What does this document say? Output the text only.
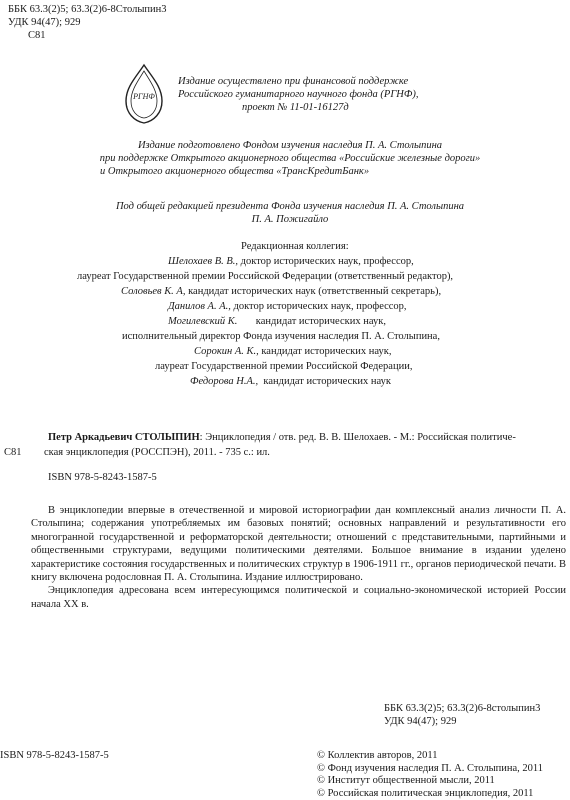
ББК 63.3(2)5; 63.3(2)6-8Столыпин3
УДК 94(47); 929
С81
РГНФ
Издание осуществлено при финансовой поддержке
Российского гуманитарного научного фонда (РГНФ),
проект № 11-01-16127д
Издание подготовлено Фондом изучения наследия П. А. Столыпина
при поддержке Открытого акционерного общества «Российские железные дороги»
и Открытого акционерного общества «ТрансКредитБанк»
Под общей редакцией президента Фонда изучения наследия П. А. Столыпина
П. А. Пожигайло
Редакционная коллегия:
Шелохаев В. В., доктор исторических наук, профессор,
лауреат Государственной премии Российской Федерации (ответственный редактор),
Соловьев К. А, кандидат исторических наук (ответственный секретарь),
Данилов А. А., доктор исторических наук, профессор,
Могилевский К.       кандидат исторических наук,
исполнительный директор Фонда изучения наследия П. А. Столыпина,
Сорокин А. К., кандидат исторических наук,
лауреат Государственной премии Российской Федерации,
Федорова Н.А.,  кандидат исторических наук
Петр Аркадьевич СТОЛЫПИН: Энциклопедия / отв. ред. В. В. Шелохаев. - М.: Российская политиче-
С81 ская энциклопедия (РОССПЭН), 2011. - 735 с.: ил.
ISBN 978-5-8243-1587-5
В энциклопедии впервые в отечественной и мировой историографии дан комплексный анализ личности П. А. Столыпина; содержания употребляемых им базовых понятий; основных направлений и результативности его многогранной государственной и реформаторской деятельности; отношений с представительными, партийными и общественными структурами, ведущими политическими деятелями. Большое внимание в издании уделено характеристике состояния государственных и политических структур в 1906-1911 гг., органов периодической печати. В книгу включена родословная П. А. Столыпина. Издание иллюстрировано.
Энциклопедия адресована всем интересующимся политической и социально-экономической историей России начала XX в.
ББК 63.3(2)5; 63.3(2)6-8столыпин3
УДК 94(47); 929
ISBN 978-5-8243-1587-5	© Коллектив авторов, 2011
© Фонд изучения наследия П. А. Столыпина, 2011
© Институт общественной мысли, 2011
© Российская политическая энциклопедия, 2011
